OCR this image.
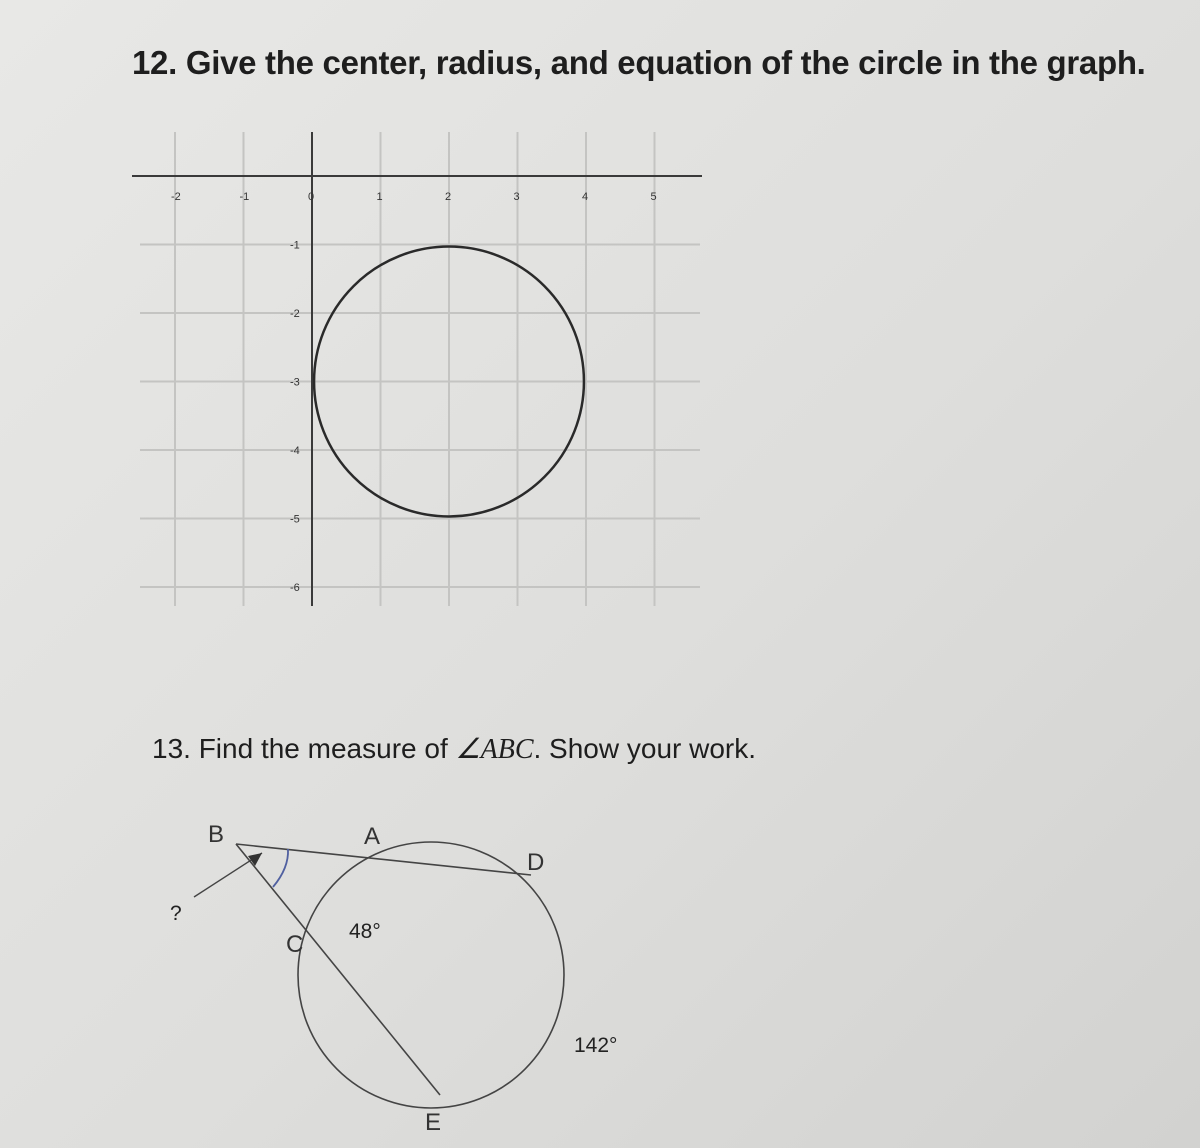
12. Give the center, radius, and equation of the circle in the graph.
-2	-1	0	1	2	3	4	5
-1
-2
-3
-4
-5
-6
B	A
D
C
E
48°
142°
?
13. Find the measure of ∠ABC. Show your work.
